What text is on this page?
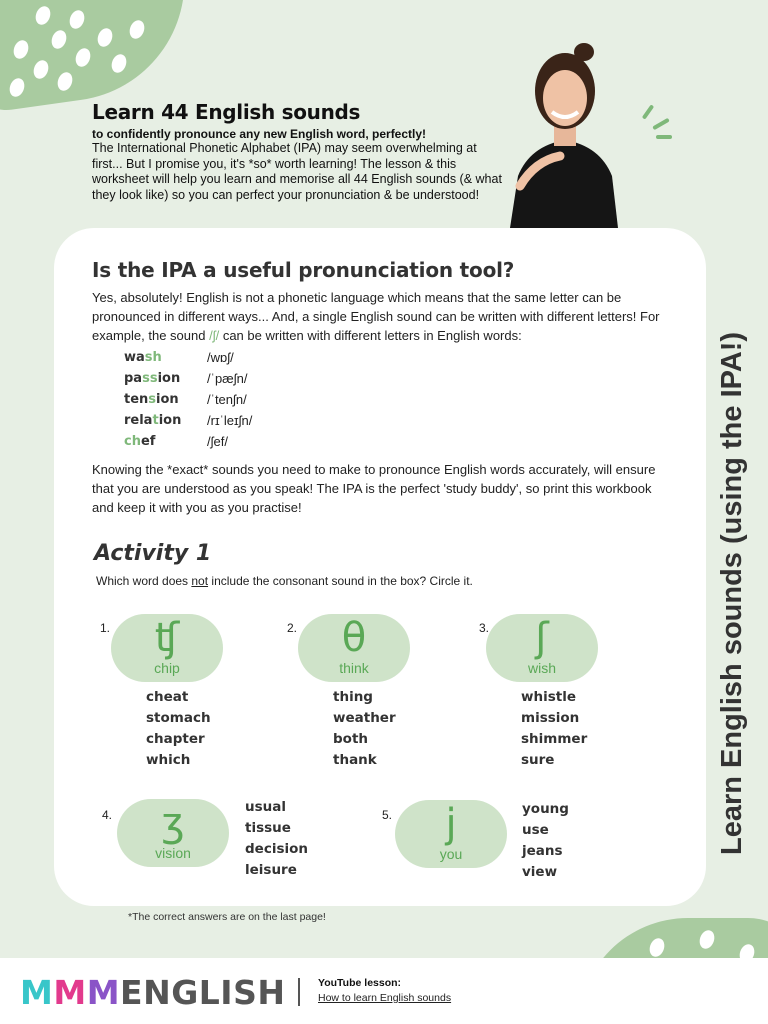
Learn 44 English sounds
to confidently pronounce any new English word, perfectly!
The International Phonetic Alphabet (IPA) may seem overwhelming at first... But I promise you, it's *so* worth learning! The lesson & this worksheet will help you learn and memorise all 44 English sounds (& what they look like) so you can perfect your pronunciation & be understood!
Is the IPA a useful pronunciation tool?
Yes, absolutely! English is not a phonetic language which means that the same letter can be pronounced in different ways... And, a single English sound can be written with different letters! For example, the sound /ʃ/ can be written with different letters in English words:
wash	/wɒʃ/
passion	/ˈpæʃn/
tension	/ˈtenʃn/
relation	/rɪˈleɪʃn/
chef	/ʃef/
Knowing the *exact* sounds you need to make to pronounce English words accurately, will ensure that you are understood as you speak! The IPA is the perfect 'study buddy', so print this workbook and keep it with you as you practise!
Activity 1
Which word does not include the consonant sound in the box? Circle it.
1.	ʧ
chip
cheat
stomach
chapter
which
2.	θ
think
thing
weather
both
thank
3.	ʃ
wish
whistle
mission
shimmer
sure
4.	ʒ
vision
usual
tissue
decision
leisure
5.	j
you
young
use
jeans
view
*The correct answers are on the last page!
Learn English sounds (using the IPA!)
MMMENGLISH	YouTube lesson:
How to learn English sounds
